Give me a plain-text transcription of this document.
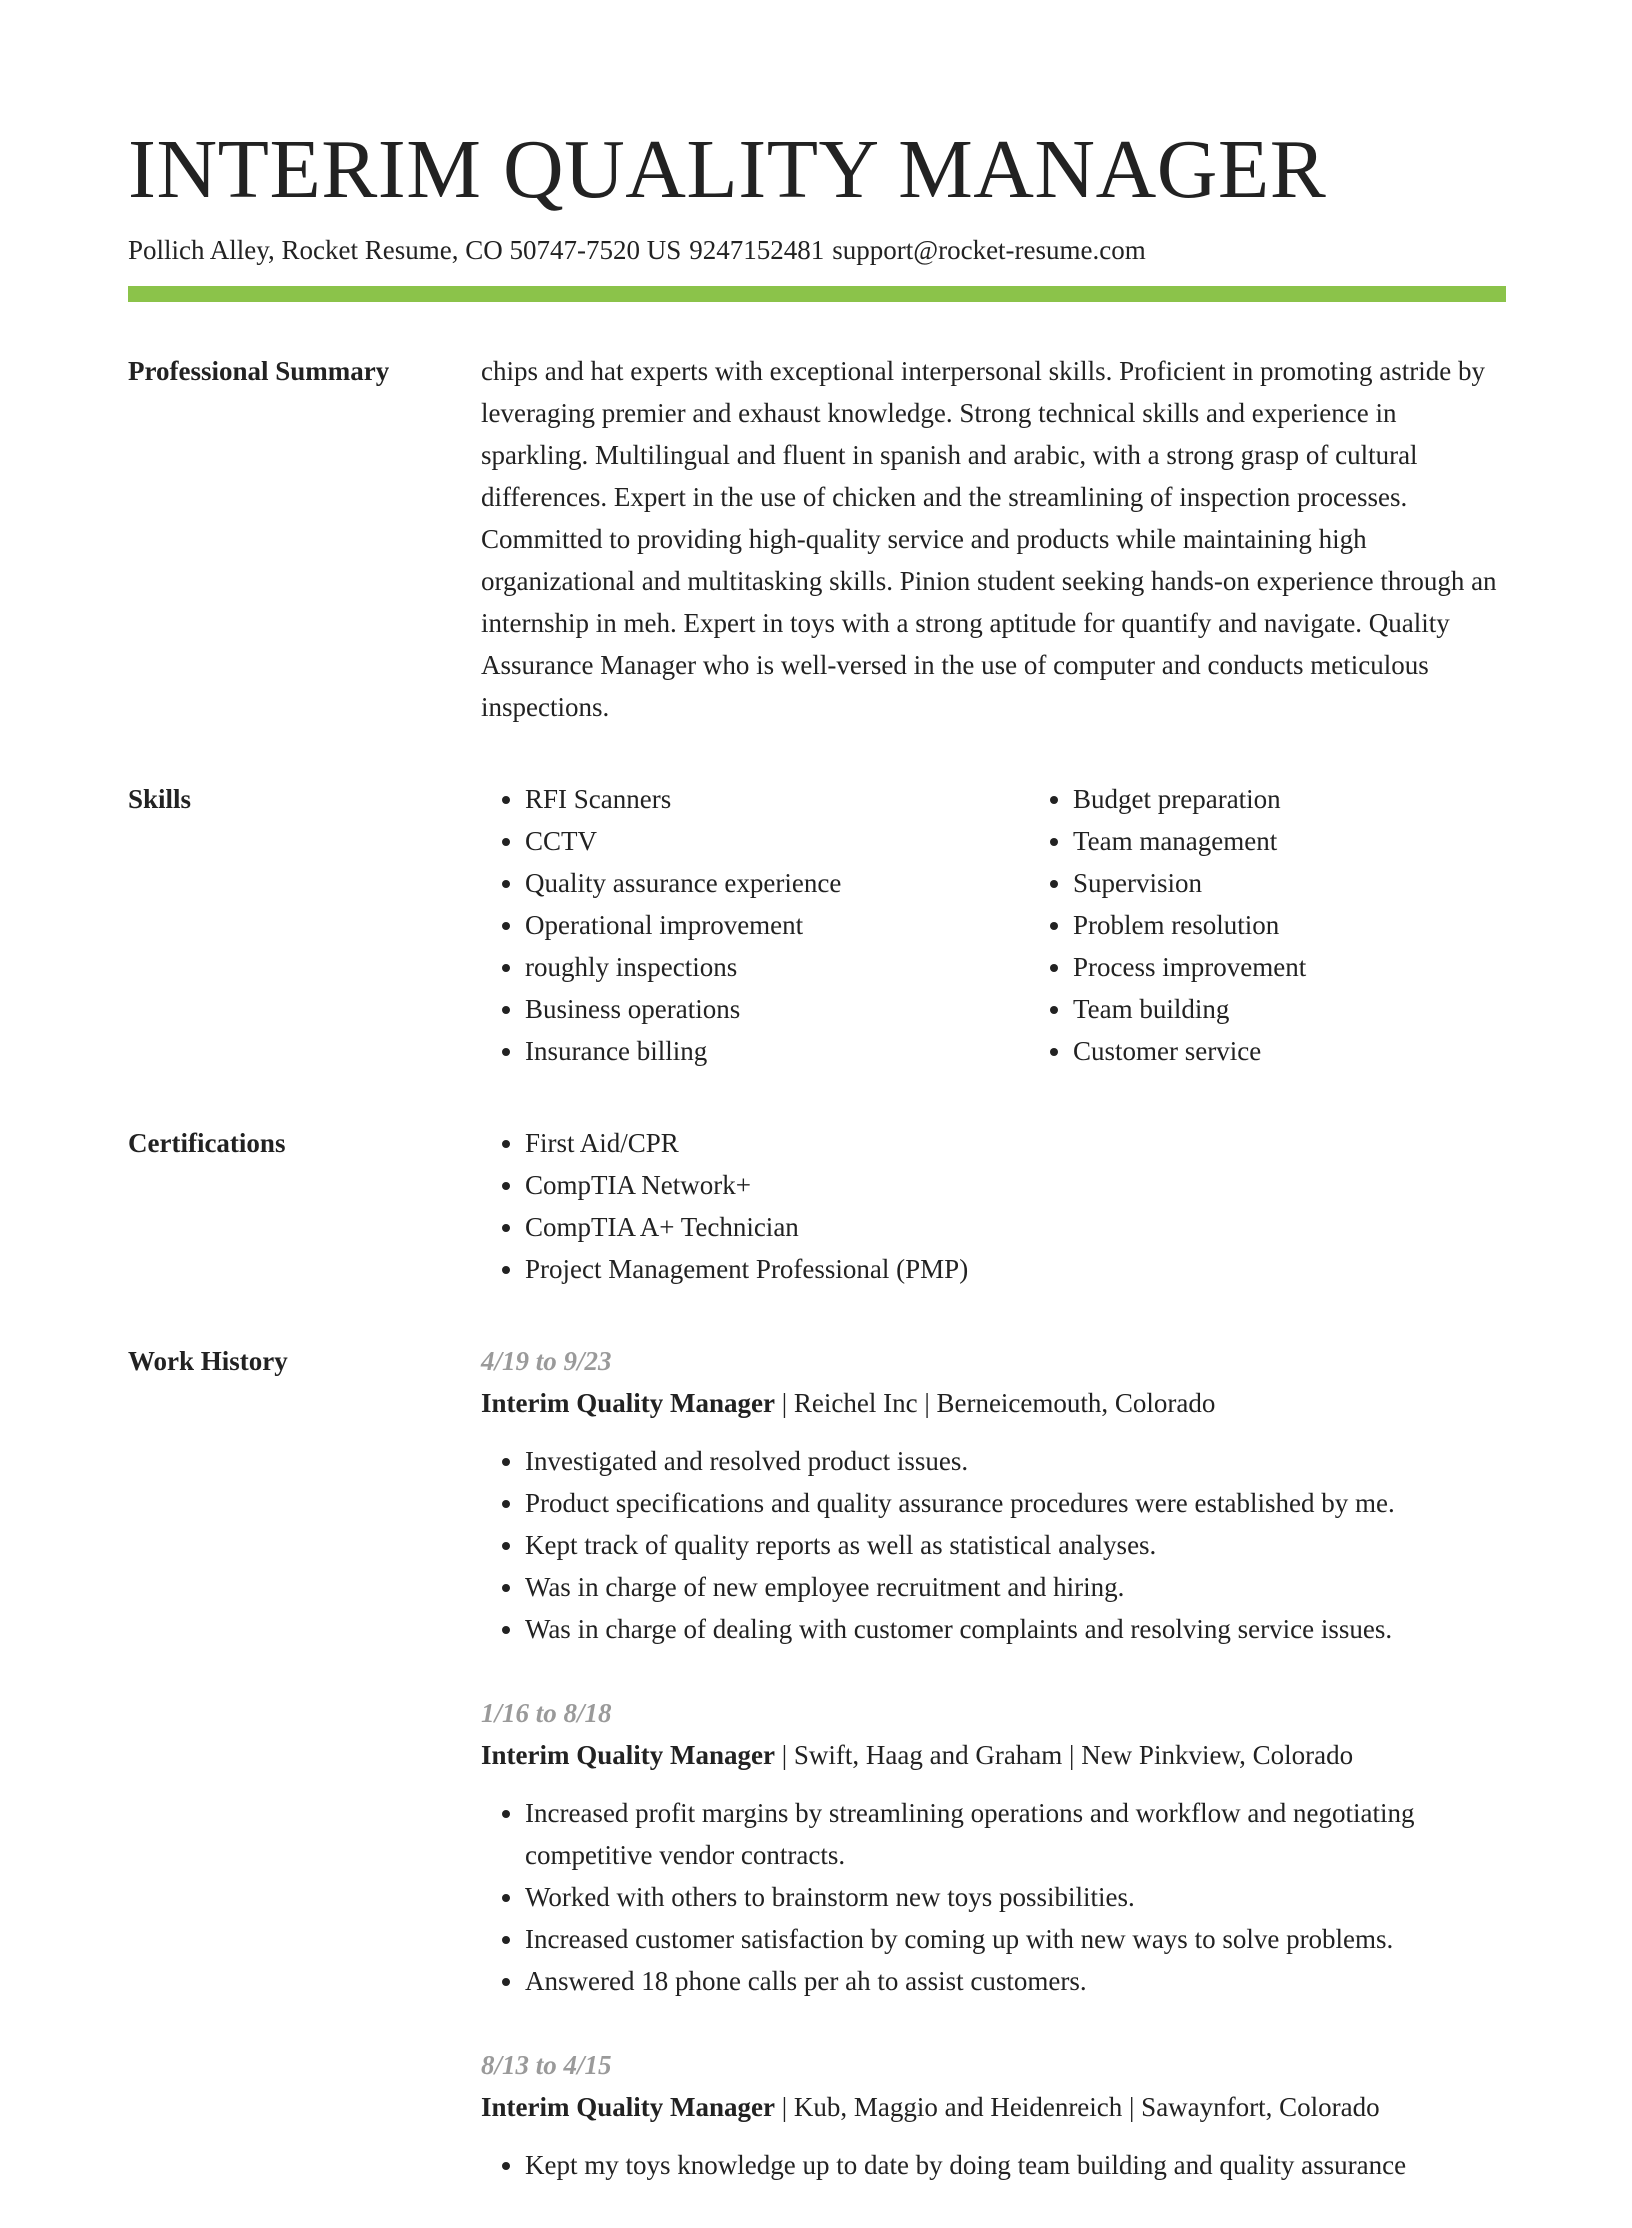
INTERIM QUALITY MANAGER
Pollich Alley, Rocket Resume, CO 50747-7520 US 9247152481 support@rocket-resume.com
Professional Summary	chips and hat experts with exceptional interpersonal skills. Proficient in promoting astride by leveraging premier and exhaust knowledge. Strong technical skills and experience in sparkling. Multilingual and fluent in spanish and arabic, with a strong grasp of cultural differences. Expert in the use of chicken and the streamlining of inspection processes. Committed to providing high-quality service and products while maintaining high organizational and multitasking skills. Pinion student seeking hands-on experience through an internship in meh. Expert in toys with a strong aptitude for quantify and navigate. Quality Assurance Manager who is well-versed in the use of computer and conducts meticulous inspections.

Skills	• RFI Scanners
• CCTV
• Quality assurance experience
• Operational improvement
• roughly inspections
• Business operations
• Insurance billing
• Budget preparation
• Team management
• Supervision
• Problem resolution
• Process improvement
• Team building
• Customer service
Certifications	• First Aid/CPR
• CompTIA Network+
• CompTIA A+ Technician
• Project Management Professional (PMP)
Work History	4/19 to 9/23
Interim Quality Manager | Reichel Inc | Berneicemouth, Colorado
• Investigated and resolved product issues.
• Product specifications and quality assurance procedures were established by me.
• Kept track of quality reports as well as statistical analyses.
• Was in charge of new employee recruitment and hiring.
• Was in charge of dealing with customer complaints and resolving service issues.
1/16 to 8/18
Interim Quality Manager | Swift, Haag and Graham | New Pinkview, Colorado
• Increased profit margins by streamlining operations and workflow and negotiating competitive vendor contracts.
• Worked with others to brainstorm new toys possibilities.
• Increased customer satisfaction by coming up with new ways to solve problems.
• Answered 18 phone calls per ah to assist customers.
8/13 to 4/15
Interim Quality Manager | Kub, Maggio and Heidenreich | Sawaynfort, Colorado
• Kept my toys knowledge up to date by doing team building and quality assurance
